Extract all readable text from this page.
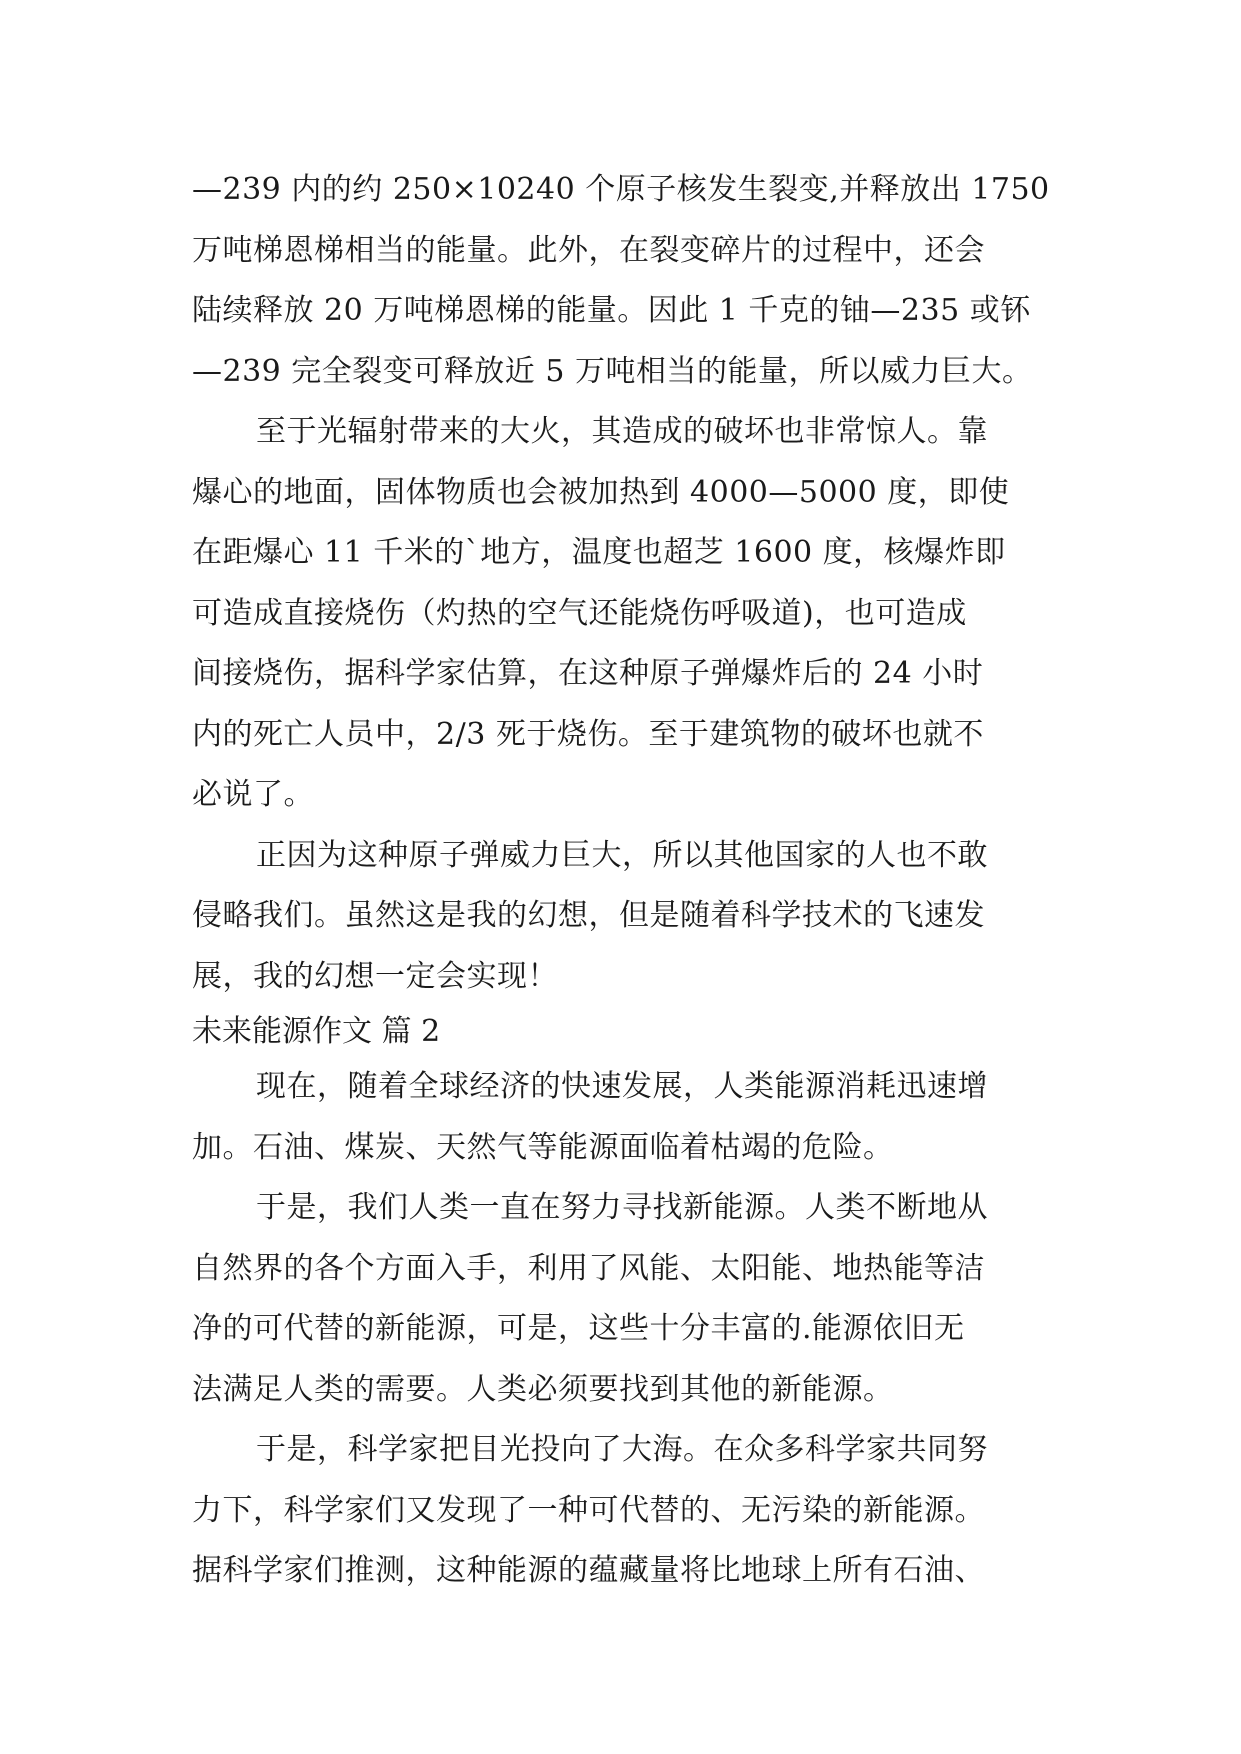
—239 内的约 250×10240 个原子核发生裂变,并释放出 1750
万吨梯恩梯相当的能量。此外，在裂变碎片的过程中，还会
陆续释放 20 万吨梯恩梯的能量。因此 1 千克的铀—235 或钚
—239 完全裂变可释放近 5 万吨相当的能量，所以威力巨大。
至于光辐射带来的大火，其造成的破坏也非常惊人。靠
爆心的地面，固体物质也会被加热到 4000—5000 度，即使
在距爆心 11 千米的`地方，温度也超芝 1600 度，核爆炸即
可造成直接烧伤（灼热的空气还能烧伤呼吸道)，也可造成
间接烧伤，据科学家估算，在这种原子弹爆炸后的 24 小时
内的死亡人员中，2/3 死于烧伤。至于建筑物的破坏也就不
必说了。
正因为这种原子弹威力巨大，所以其他国家的人也不敢
侵略我们。虽然这是我的幻想，但是随着科学技术的飞速发
展，我的幻想一定会实现！
未来能源作文 篇 2
现在，随着全球经济的快速发展，人类能源消耗迅速增
加。石油、煤炭、天然气等能源面临着枯竭的危险。
于是，我们人类一直在努力寻找新能源。人类不断地从
自然界的各个方面入手，利用了风能、太阳能、地热能等洁
净的可代替的新能源，可是，这些十分丰富的.能源依旧无
法满足人类的需要。人类必须要找到其他的新能源。
于是，科学家把目光投向了大海。在众多科学家共同努
力下，科学家们又发现了一种可代替的、无污染的新能源。
据科学家们推测，这种能源的蕴藏量将比地球上所有石油、
